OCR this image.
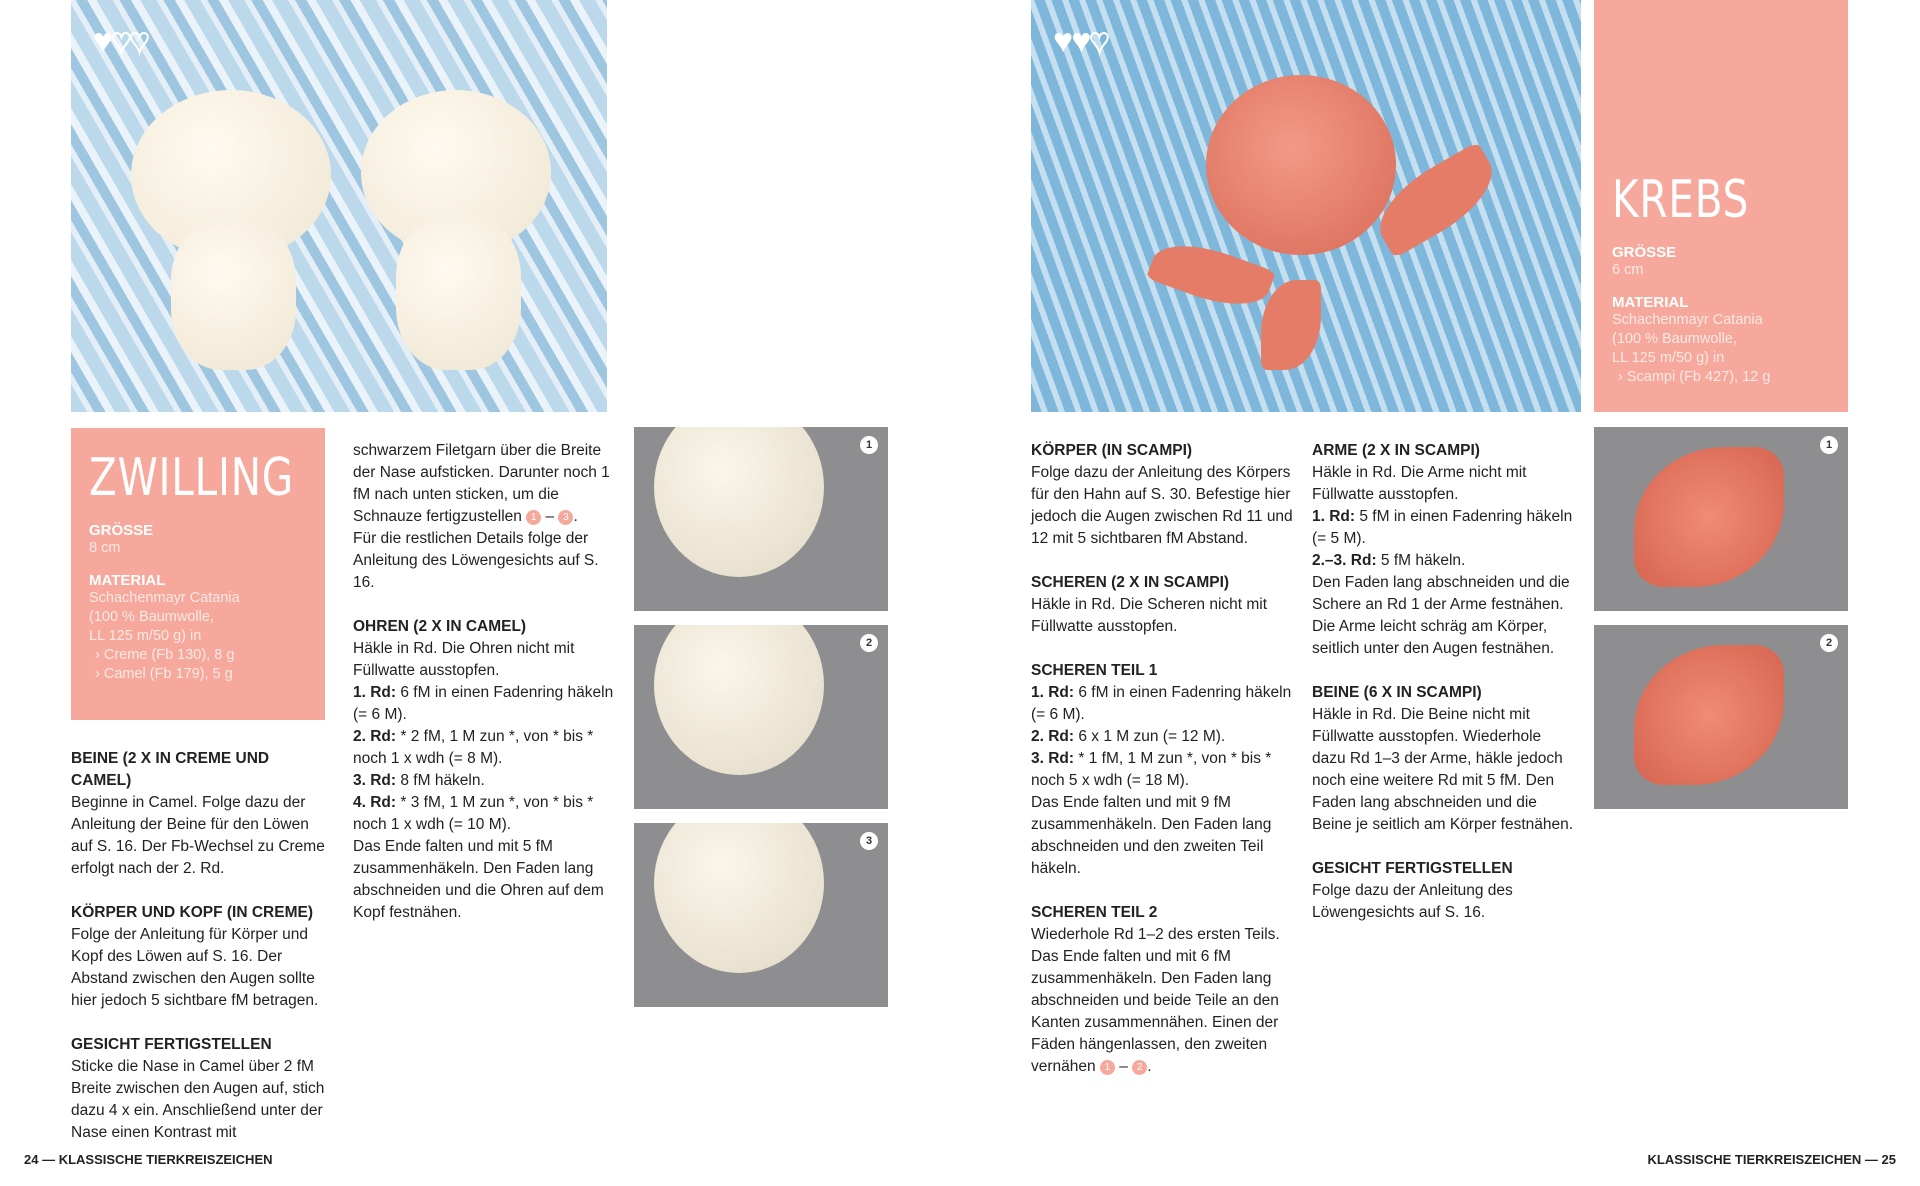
♥♥♥
ZWILLING
GRÖSSE
8 cm
MATERIAL
Schachenmayr Catania
(100 % Baumwolle,
LL 125 m/50 g) in
› Creme (Fb 130), 8 g
› Camel (Fb 179), 5 g
BEINE (2 X IN CREME UND CAMEL)
Beginne in Camel. Folge dazu der Anleitung der Beine für den Löwen auf S. 16. Der Fb-Wechsel zu Creme erfolgt nach der 2. Rd.
KÖRPER UND KOPF (IN CREME)
Folge der Anleitung für Körper und Kopf des Löwen auf S. 16. Der Abstand zwischen den Augen sollte hier jedoch 5 sichtbare fM betragen.
GESICHT FERTIGSTELLEN
Sticke die Nase in Camel über 2 fM Breite zwischen den Augen auf, stich dazu 4 x ein. Anschließend unter der Nase einen Kontrast mit
schwarzem Filetgarn über die Breite der Nase aufsticken. Darunter noch 1 fM nach unten sticken, um die Schnauze fertigzustellen 1 – 3 .
Für die restlichen Details folge der Anleitung des Löwengesichts auf S. 16.
OHREN (2 X IN CAMEL)
Häkle in Rd. Die Ohren nicht mit Füllwatte ausstopfen.
1. Rd: 6 fM in einen Fadenring häkeln (= 6 M).
2. Rd: * 2 fM, 1 M zun *, von * bis * noch 1 x wdh (= 8 M).
3. Rd: 8 fM häkeln.
4. Rd: * 3 fM, 1 M zun *, von * bis * noch 1 x wdh (= 10 M).
Das Ende falten und mit 5 fM zusammenhäkeln. Den Faden lang abschneiden und die Ohren auf dem Kopf festnähen.
1
2
3
24 — KLASSISCHE TIERKREISZEICHEN
♥♥♥
KREBS
GRÖSSE
6 cm
MATERIAL
Schachenmayr Catania
(100 % Baumwolle,
LL 125 m/50 g) in
› Scampi (Fb 427), 12 g
KÖRPER (IN SCAMPI)
Folge dazu der Anleitung des Körpers für den Hahn auf S. 30. Befestige hier jedoch die Augen zwischen Rd 11 und 12 mit 5 sichtbaren fM Abstand.
SCHEREN (2 X IN SCAMPI)
Häkle in Rd. Die Scheren nicht mit Füllwatte ausstopfen.
SCHEREN TEIL 1
1. Rd: 6 fM in einen Fadenring häkeln (= 6 M).
2. Rd: 6 x 1 M zun (= 12 M).
3. Rd: * 1 fM, 1 M zun *, von * bis * noch 5 x wdh (= 18 M).
Das Ende falten und mit 9 fM zusammenhäkeln. Den Faden lang abschneiden und den zweiten Teil häkeln.
SCHEREN TEIL 2
Wiederhole Rd 1–2 des ersten Teils. Das Ende falten und mit 6 fM zusammenhäkeln. Den Faden lang abschneiden und beide Teile an den Kanten zusammennähen. Einen der Fäden hängenlassen, den zweiten vernähen 1 – 2 .
ARME (2 X IN SCAMPI)
Häkle in Rd. Die Arme nicht mit Füllwatte ausstopfen.
1. Rd: 5 fM in einen Fadenring häkeln (= 5 M).
2.–3. Rd: 5 fM häkeln.
Den Faden lang abschneiden und die Schere an Rd 1 der Arme festnähen. Die Arme leicht schräg am Körper, seitlich unter den Augen festnähen.
BEINE (6 X IN SCAMPI)
Häkle in Rd. Die Beine nicht mit Füllwatte ausstopfen. Wiederhole dazu Rd 1–3 der Arme, häkle jedoch noch eine weitere Rd mit 5 fM. Den Faden lang abschneiden und die Beine je seitlich am Körper festnähen.
GESICHT FERTIGSTELLEN
Folge dazu der Anleitung des Löwengesichts auf S. 16.
1
2
KLASSISCHE TIERKREISZEICHEN — 25
